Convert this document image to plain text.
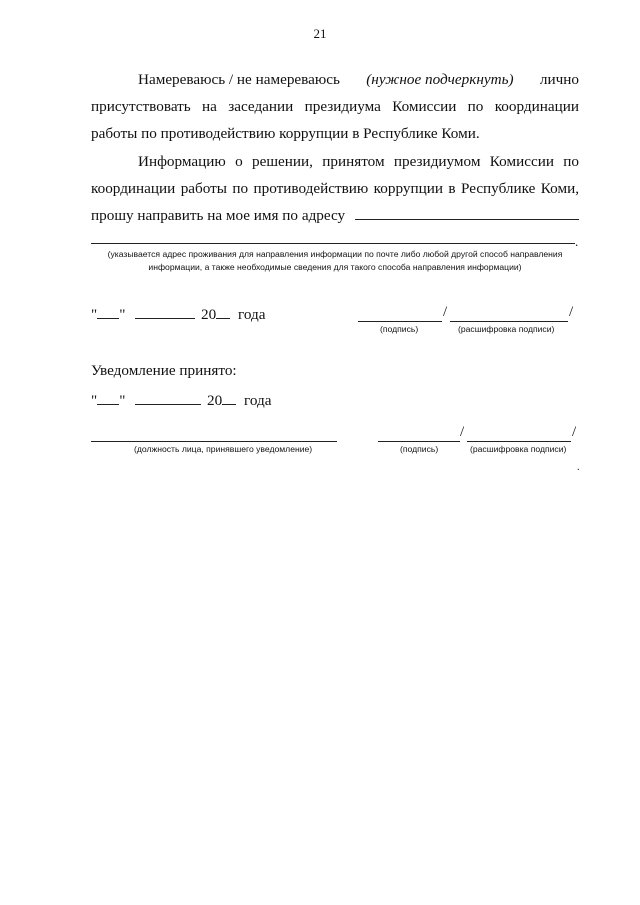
21
Намереваюсь / не намереваюсь (нужное подчеркнуть) лично
присутствовать на заседании президиума Комиссии по координации
работы по противодействию коррупции в Республике Коми.
Информацию о решении, принятом президиумом Комиссии по
координации работы по противодействию коррупции в Республике Коми,
прошу направить на мое имя по адресу
.
(указывается адрес проживания для направления информации по почте либо любой другой способ направления
информации, а также необходимые сведения для такого способа направления информации)
" "	20 года	/	/
(подпись)	(расшифровка подписи)
Уведомление принято:
" "	20 года
/	/
(должность лица, принявшего уведомление)	(подпись)	(расшифровка подписи)
.
